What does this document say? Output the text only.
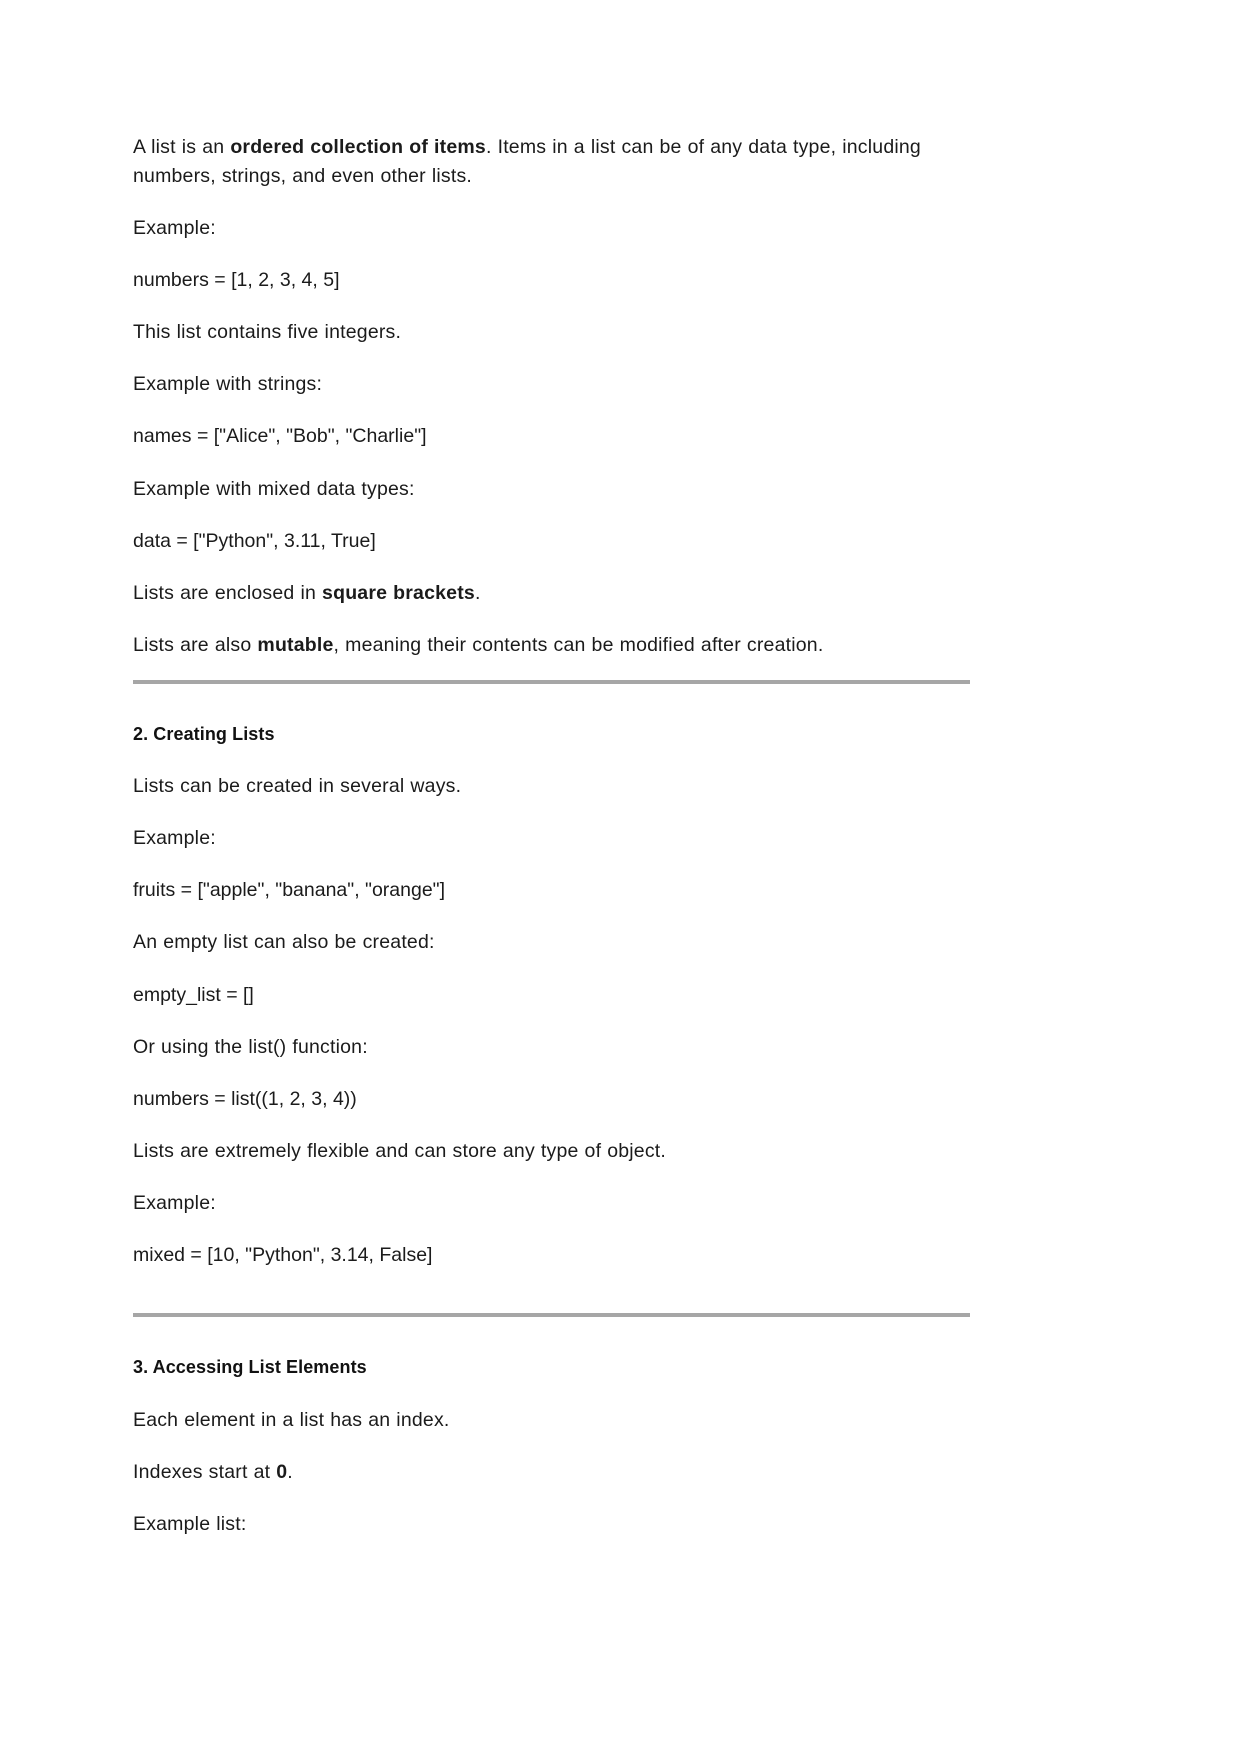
A list is an ordered collection of items. Items in a list can be of any data type, including numbers, strings, and even other lists.

Example:

numbers = [1, 2, 3, 4, 5]

This list contains five integers.

Example with strings:

names = ["Alice", "Bob", "Charlie"]

Example with mixed data types:

data = ["Python", 3.11, True]

Lists are enclosed in square brackets.

Lists are also mutable, meaning their contents can be modified after creation.

2. Creating Lists

Lists can be created in several ways.

Example:

fruits = ["apple", "banana", "orange"]

An empty list can also be created:

empty_list = []

Or using the list() function:

numbers = list((1, 2, 3, 4))

Lists are extremely flexible and can store any type of object.

Example:

mixed = [10, "Python", 3.14, False]

3. Accessing List Elements

Each element in a list has an index.

Indexes start at 0.

Example list:
